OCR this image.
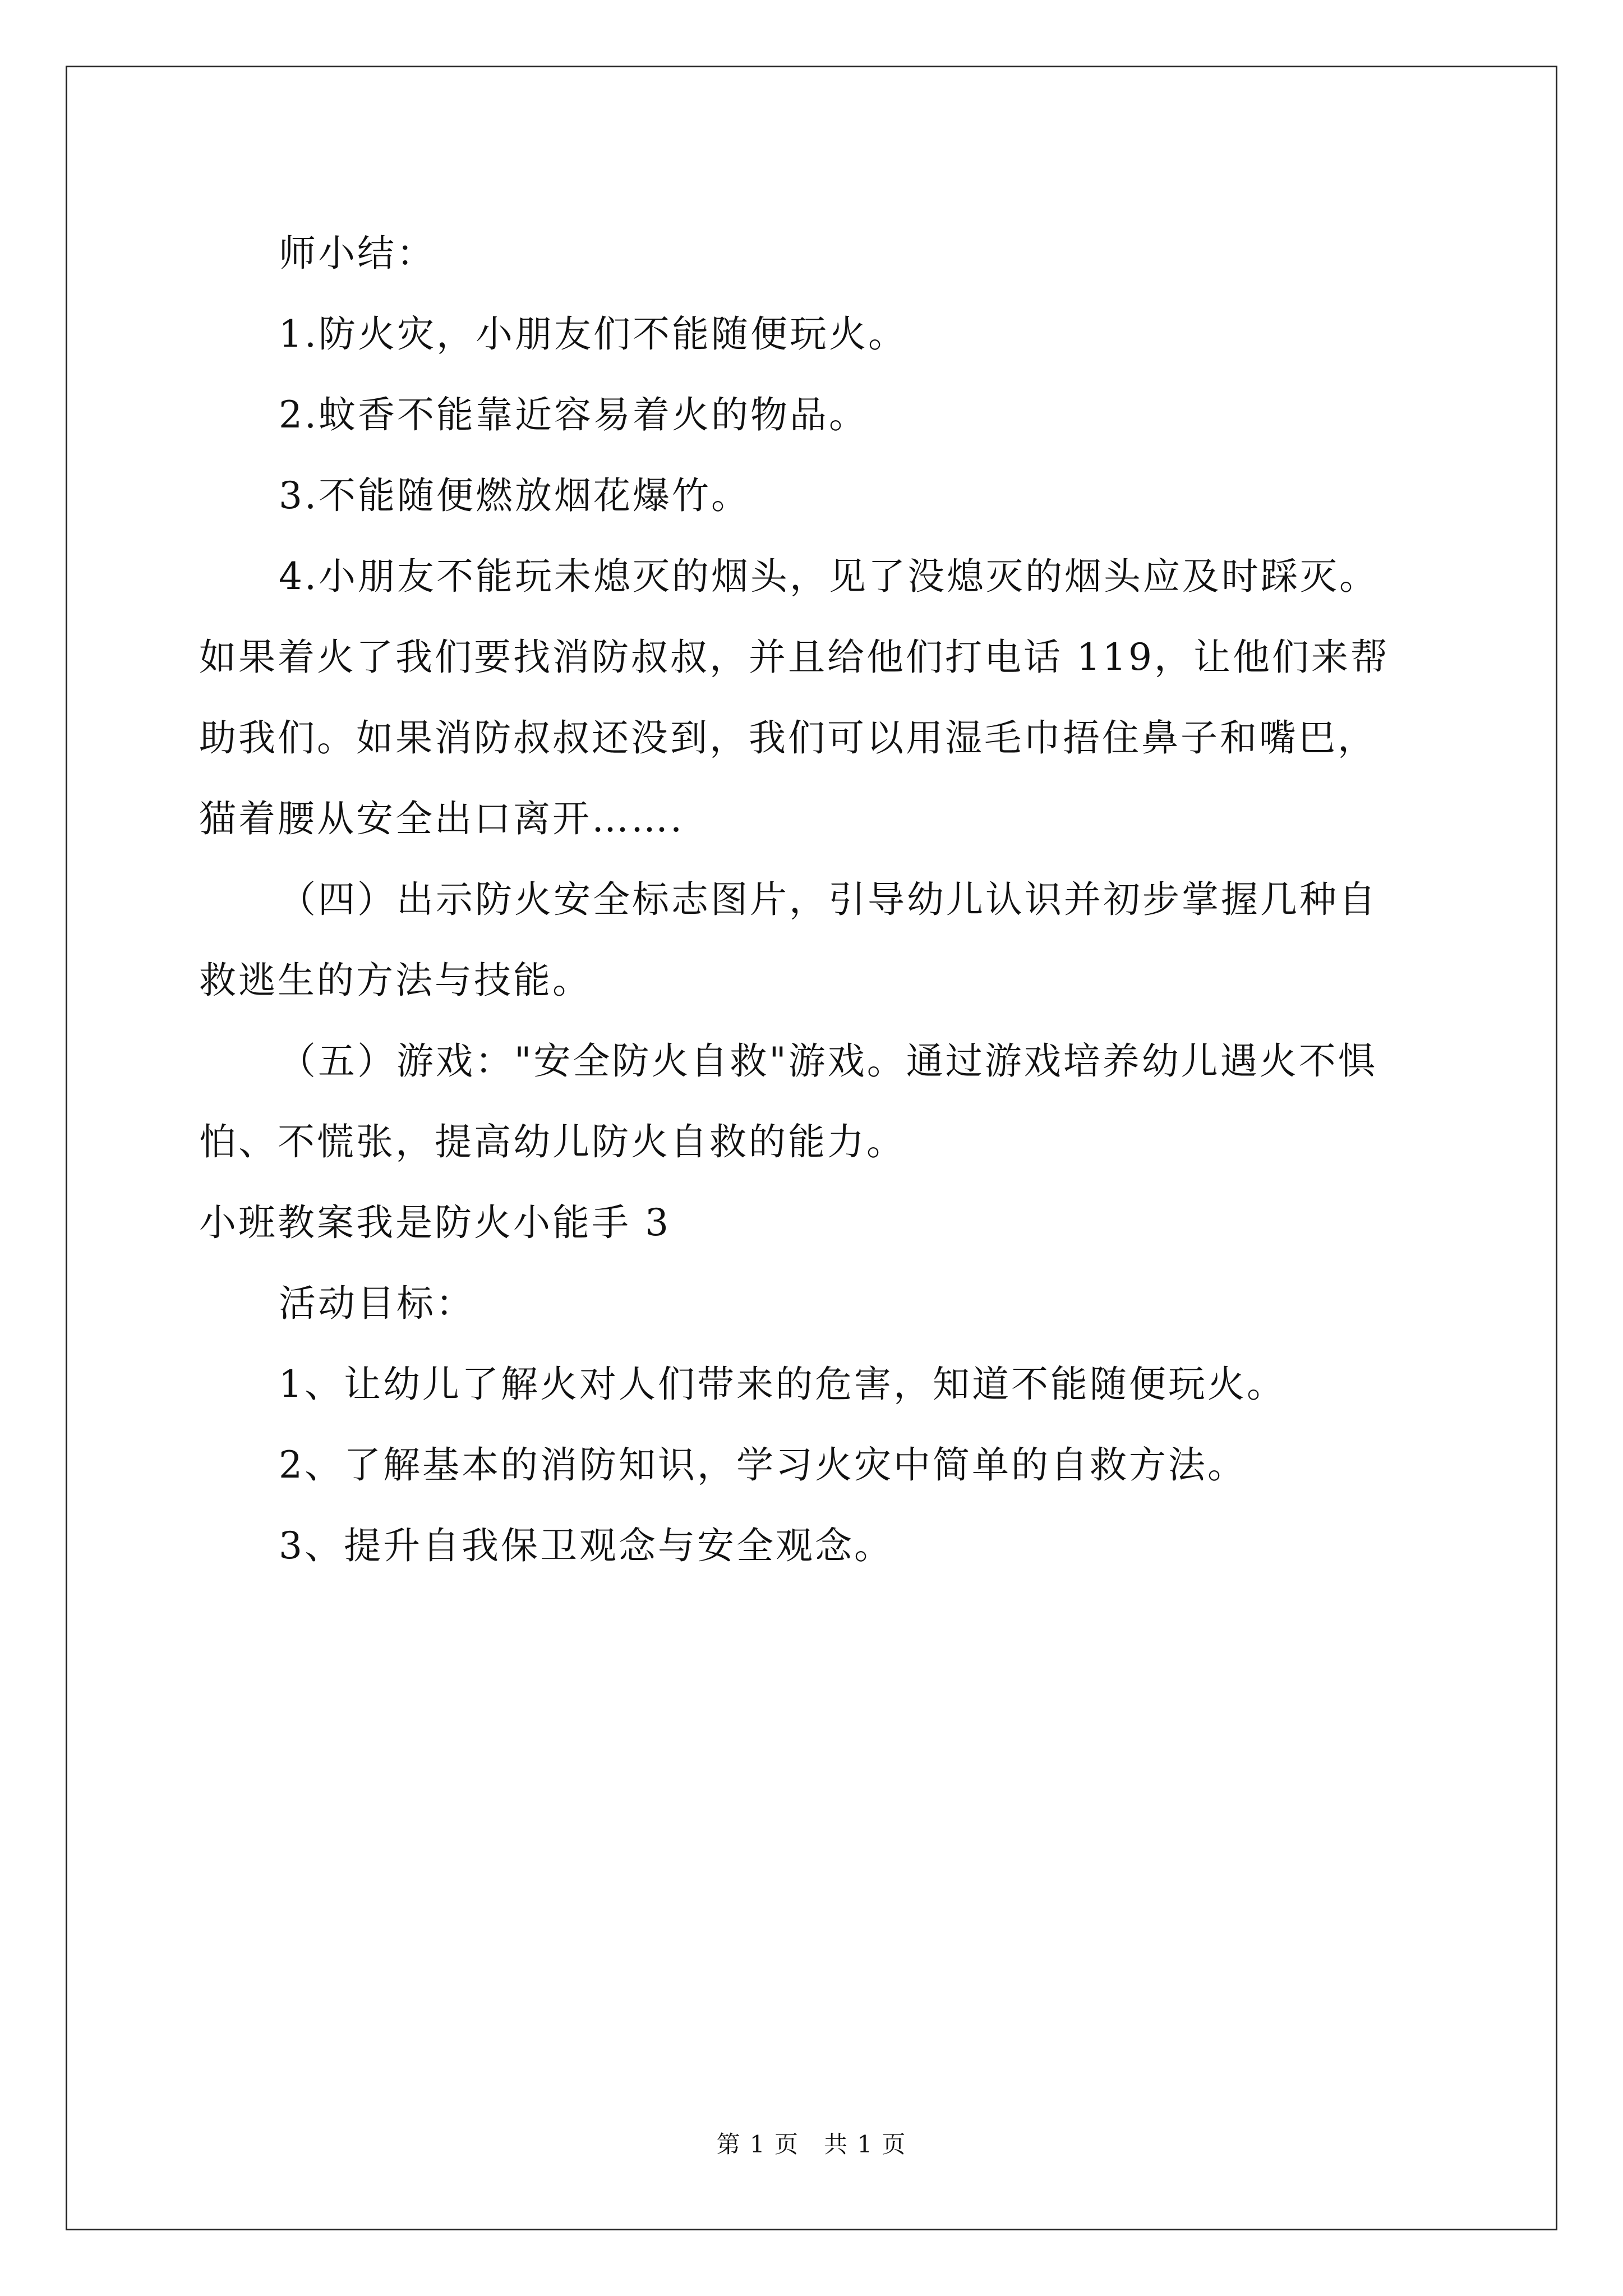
师小结：

1.防火灾，小朋友们不能随便玩火。

2.蚊香不能靠近容易着火的物品。

3.不能随便燃放烟花爆竹。

4.小朋友不能玩未熄灭的烟头，见了没熄灭的烟头应及时踩灭。

如果着火了我们要找消防叔叔，并且给他们打电话 119，让他们来帮

助我们。如果消防叔叔还没到，我们可以用湿毛巾捂住鼻子和嘴巴，

猫着腰从安全出口离开…….

（四）出示防火安全标志图片，引导幼儿认识并初步掌握几种自

救逃生的方法与技能。

（五）游戏："安全防火自救"游戏。通过游戏培养幼儿遇火不惧

怕、不慌张，提高幼儿防火自救的能力。

小班教案我是防火小能手 3

活动目标：

1、让幼儿了解火对人们带来的危害，知道不能随便玩火。

2、了解基本的消防知识，学习火灾中简单的自救方法。

3、提升自我保卫观念与安全观念。

第 1 页　共 1 页
